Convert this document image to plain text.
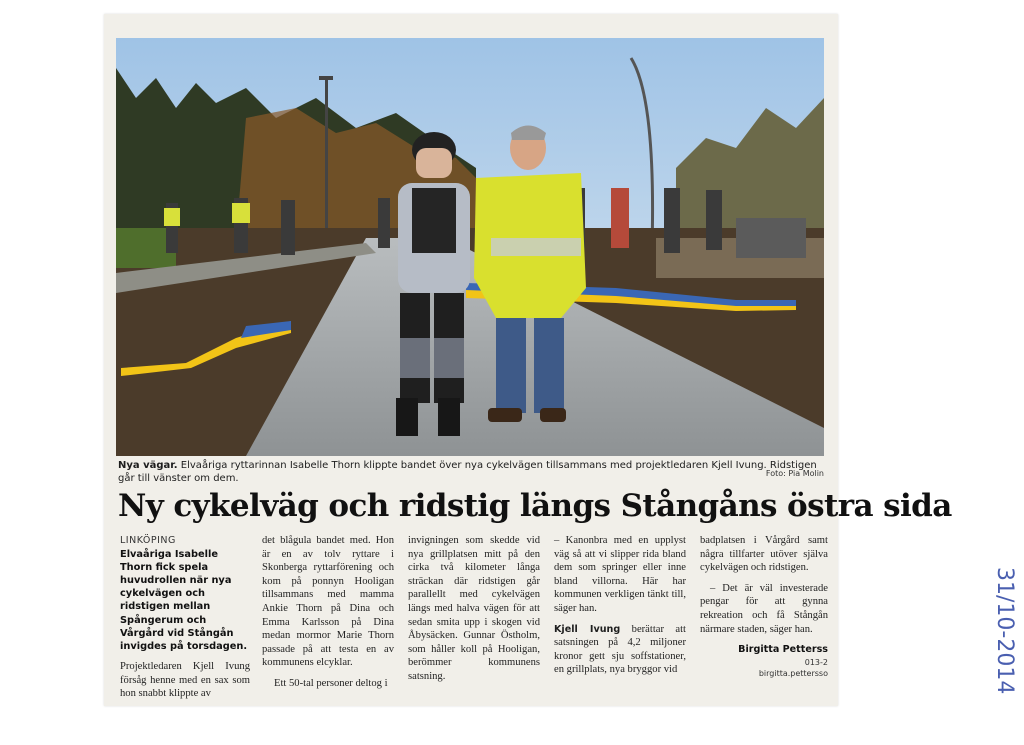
Nya vägar. Elvaåriga ryttarinnan Isabelle Thorn klippte bandet över nya cykelvägen tillsammans med projektledaren Kjell Ivung. Ridstigen går till vänster om dem.	Foto: Pia Molin
Ny cykelväg och ridstig längs Stångåns östra sida
LINKÖPING

Elvaåriga Isabelle Thorn fick spela huvudrollen när nya cykelvägen och ridstigen mellan Spångerum och Vårgård vid Stångån invigdes på torsdagen.

Projektledaren Kjell Ivung försåg henne med en sax som hon snabbt klippte av

det blågula bandet med. Hon är en av tolv ryttare i Skonberga ryttarförening och kom på ponnyn Hooligan tillsammans med mamma Ankie Thorn på Dina och Emma Karlsson på Dina medan mormor Marie Thorn passade på att testa en av kommunens elcyklar.

Ett 50-tal personer deltog i

invigningen som skedde vid nya grillplatsen mitt på den cirka två kilometer långa sträckan där ridstigen går parallellt med cykelvägen längs med halva vägen för att sedan smita upp i skogen vid Åbysäcken. Gunnar Östholm, som håller koll på Hooligan, berömmer kommunens satsning.

– Kanonbra med en upplyst väg så att vi slipper rida bland dem som springer eller inne bland villorna. Här har kommunen verkligen tänkt till, säger han.

Kjell Ivung berättar att satsningen på 4,2 miljoner kronor gett sju soffstationer, en grillplats, nya bryggor vid

badplatsen i Vårgård samt några tillfarter utöver själva cykelvägen och ridstigen.

– Det är väl investerade pengar för att gynna rekreation och få Stångån närmare staden, säger han.

Birgitta Petterss
013-2
birgitta.pettersso	31/10-2014
